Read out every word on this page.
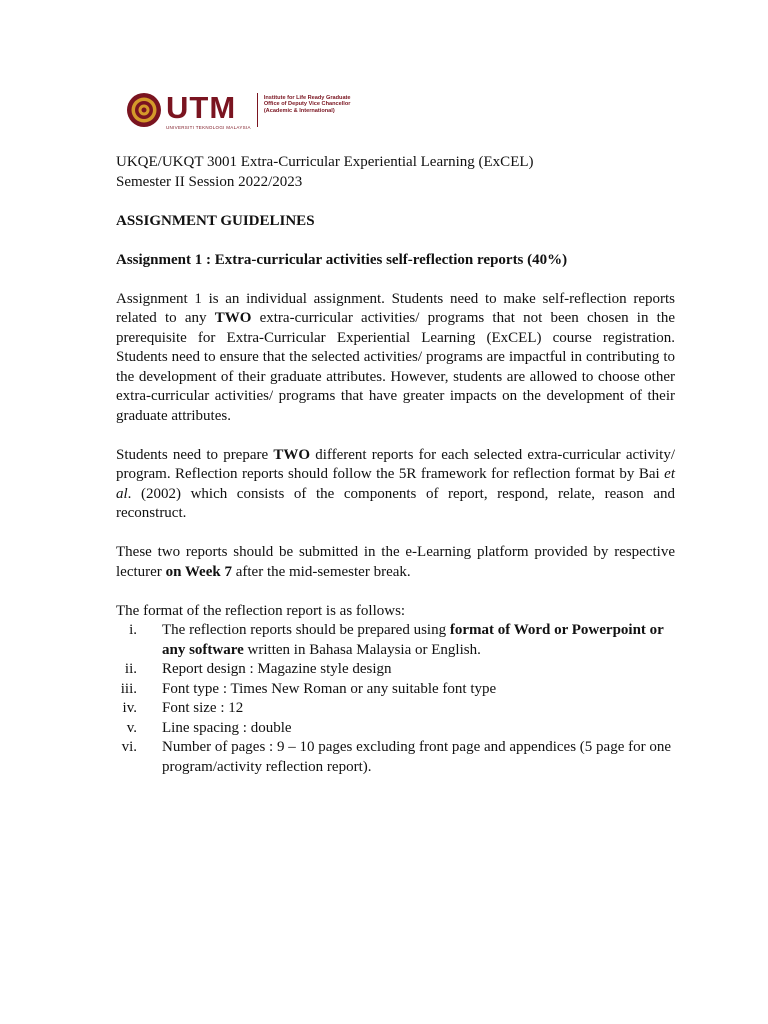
UTM
UNIVERSITI TEKNOLOGI MALAYSIA
Institute for Life Ready Graduate
Office of Deputy Vice Chancellor
(Academic & International)

UKQE/UKQT 3001 Extra-Curricular Experiential Learning (ExCEL)

Semester II Session 2022/2023

ASSIGNMENT GUIDELINES

Assignment 1 : Extra-curricular activities self-reflection reports (40%)

Assignment 1 is an individual assignment. Students need to make self-reflection reports related to any TWO extra-curricular activities/ programs that not been chosen in the prerequisite for Extra-Curricular Experiential Learning (ExCEL) course registration. Students need to ensure that the selected activities/ programs are impactful in contributing to the development of their graduate attributes. However, students are allowed to choose other extra-curricular activities/ programs that have greater impacts on the development of their graduate attributes.

Students need to prepare TWO different reports for each selected extra-curricular activity/ program. Reflection reports should follow the 5R framework for reflection format by Bai et al. (2002) which consists of the components of report, respond, relate, reason and reconstruct.

These two reports should be submitted in the e-Learning platform provided by respective lecturer on Week 7 after the mid-semester break.

The format of the reflection report is as follows:

i. The reflection reports should be prepared using format of Word or Powerpoint or any software written in Bahasa Malaysia or English.
ii. Report design : Magazine style design
iii. Font type : Times New Roman or any suitable font type
iv. Font size : 12
v. Line spacing : double
vi. Number of pages : 9 – 10 pages excluding front page and appendices (5 page for one program/activity reflection report).
